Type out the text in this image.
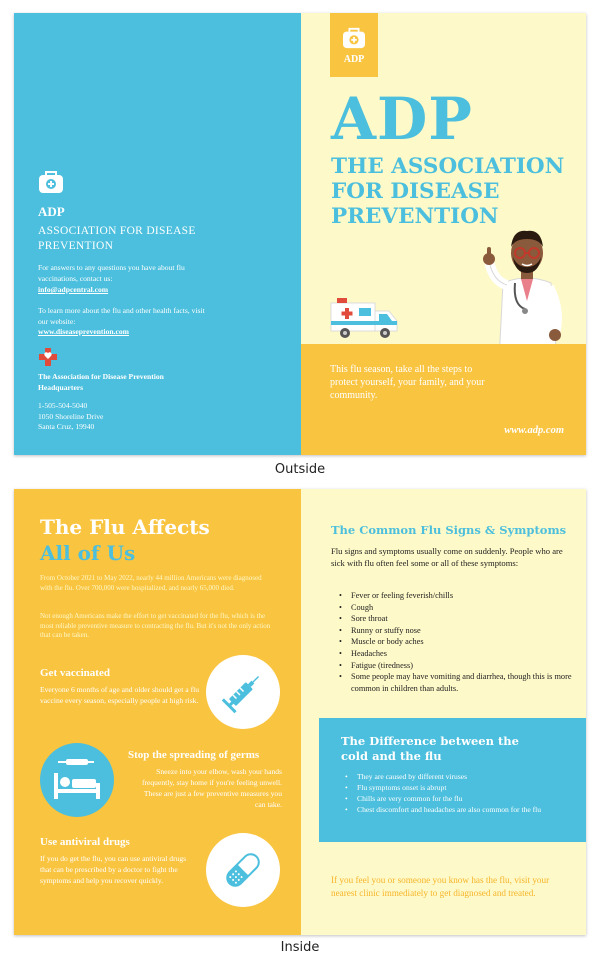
ADP
ASSOCIATION FOR DISEASE PREVENTION
For answers to any questions you have about flu vaccinations, contact us:
info@adpcentral.com
To learn more about the flu and other health facts, visit our website:
www.diseaseprevention.com
The Association for Disease Prevention Headquarters
1-505-504-5040
1050 Shoreline Drive
Santa Cruz, 19940
ADP
ADP
THE ASSOCIATION FOR DISEASE PREVENTION
This flu season, take all the steps to protect yourself, your family, and your community.
www.adp.com
Outside
The Flu Affects
All of Us
From October 2021 to May 2022, nearly 44 million Americans were diagnosed with the flu. Over 700,000 were hospitalized, and nearly 65,000 died.
Not enough Americans make the effort to get vaccinated for the flu, which is the most reliable preventive measure to contracting the flu. But it's not the only action that can be taken.
Get vaccinated
Everyone 6 months of age and older should get a flu vaccine every season, especially people at high risk.
Stop the spreading of germs
Sneeze into your elbow, wash your hands frequently, stay home if you're feeling unwell. These are just a few preventive measures you can take.
Use antiviral drugs
If you do get the flu, you can use antiviral drugs that can be prescribed by a doctor to fight the symptoms and help you recover quickly.
The Common Flu Signs & Symptoms
Flu signs and symptoms usually come on suddenly. People who are sick with flu often feel some or all of these symptoms:
• Fever or feeling feverish/chills
• Cough
• Sore throat
• Runny or stuffy nose
• Muscle or body aches
• Headaches
• Fatigue (tiredness)
• Some people may have vomiting and diarrhea, though this is more common in children than adults.
The Difference between the cold and the flu
• They are caused by different viruses
• Flu symptoms onset is abrupt
• Chills are very common for the flu
• Chest discomfort and headaches are also common for the flu
If you feel you or someone you know has the flu, visit your nearest clinic immediately to get diagnosed and treated.
Inside
